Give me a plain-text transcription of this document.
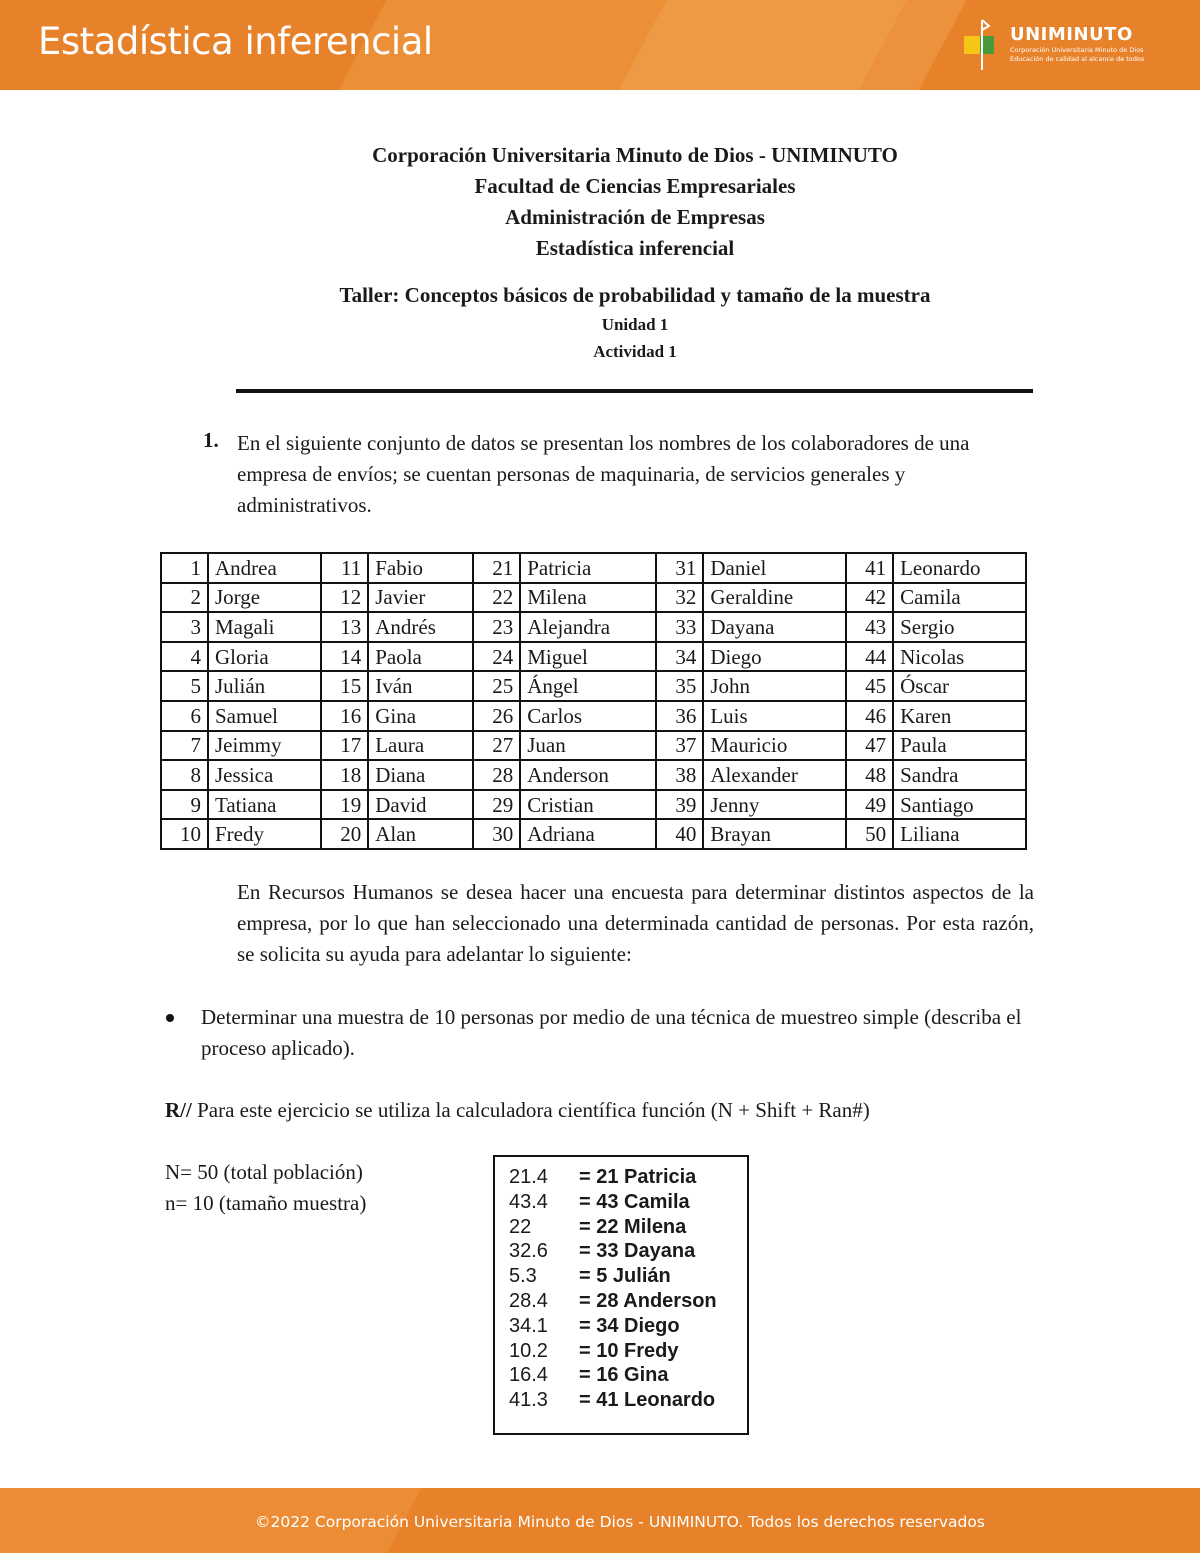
Estadística inferencial	UNIMINUTO
Corporación Universitaria Minuto de Dios
Educación de calidad al alcance de todos
Corporación Universitaria Minuto de Dios - UNIMINUTO
Facultad de Ciencias Empresariales
Administración de Empresas
Estadística inferencial
Taller: Conceptos básicos de probabilidad y tamaño de la muestra
Unidad 1
Actividad 1
1. En el siguiente conjunto de datos se presentan los nombres de los colaboradores de una empresa de envíos; se cuentan personas de maquinaria, de servicios generales y administrativos.
1	Andrea	11	Fabio	21	Patricia	31	Daniel	41	Leonardo
2	Jorge	12	Javier	22	Milena	32	Geraldine	42	Camila
3	Magali	13	Andrés	23	Alejandra	33	Dayana	43	Sergio
4	Gloria	14	Paola	24	Miguel	34	Diego	44	Nicolas
5	Julián	15	Iván	25	Ángel	35	John	45	Óscar
6	Samuel	16	Gina	26	Carlos	36	Luis	46	Karen
7	Jeimmy	17	Laura	27	Juan	37	Mauricio	47	Paula
8	Jessica	18	Diana	28	Anderson	38	Alexander	48	Sandra
9	Tatiana	19	David	29	Cristian	39	Jenny	49	Santiago
10	Fredy	20	Alan	30	Adriana	40	Brayan	50	Liliana
En Recursos Humanos se desea hacer una encuesta para determinar distintos aspectos de la empresa, por lo que han seleccionado una determinada cantidad de personas. Por esta razón, se solicita su ayuda para adelantar lo siguiente:
Determinar una muestra de 10 personas por medio de una técnica de muestreo simple (describa el proceso aplicado).
R// Para este ejercicio se utiliza la calculadora científica función (N + Shift + Ran#)
N= 50 (total población)
n= 10 (tamaño muestra)
21.4 = 21 Patricia
43.4 = 43 Camila
22 = 22 Milena
32.6 = 33 Dayana
5.3 = 5 Julián
28.4 = 28 Anderson
34.1 = 34 Diego
10.2 = 10 Fredy
16.4 = 16 Gina
41.3 = 41 Leonardo
©2022 Corporación Universitaria Minuto de Dios - UNIMINUTO. Todos los derechos reservados
